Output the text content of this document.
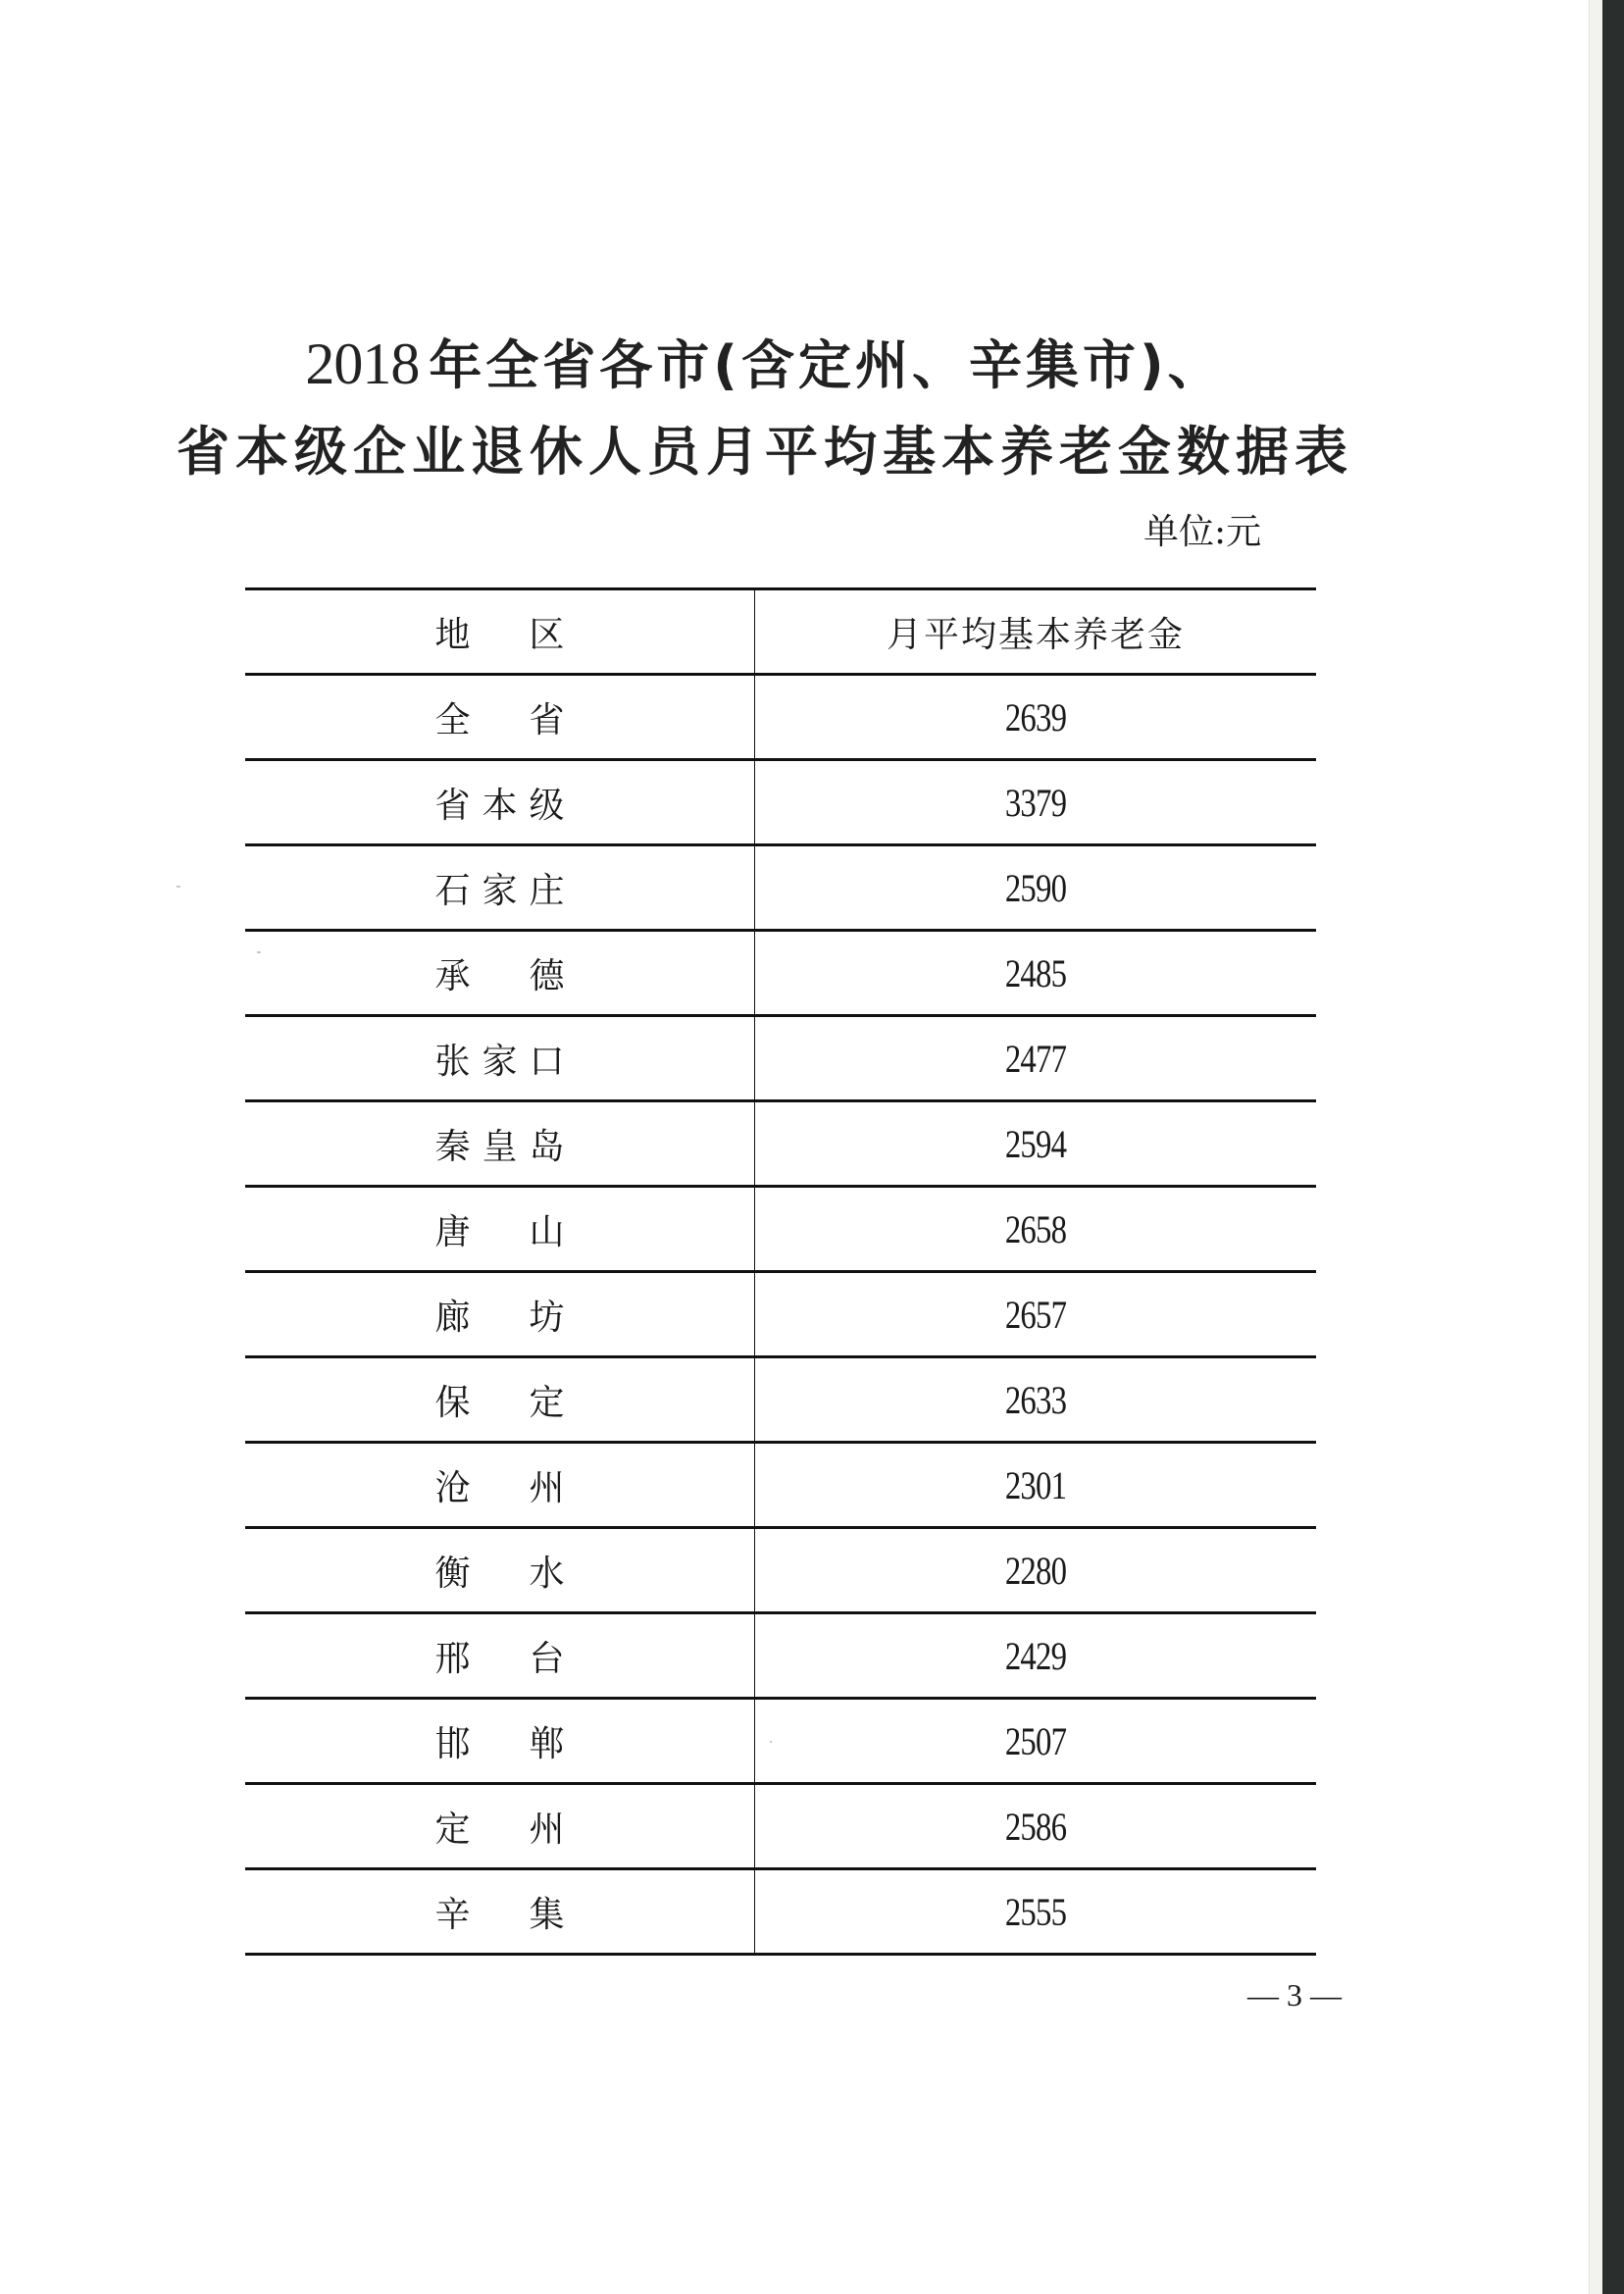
2018 年全省各市(含定州、辛集市)、
省本级企业退休人员月平均基本养老金数据表
单位:元
地 区	月平均基本养老金
全 省	2639
省本级	3379
石家庄	2590
承 德	2485
张家口	2477
秦皇岛	2594
唐 山	2658
廊 坊	2657
保 定	2633
沧 州	2301
衡 水	2280
邢 台	2429
邯 郸	2507
定 州	2586
辛 集	2555
— 3 —
